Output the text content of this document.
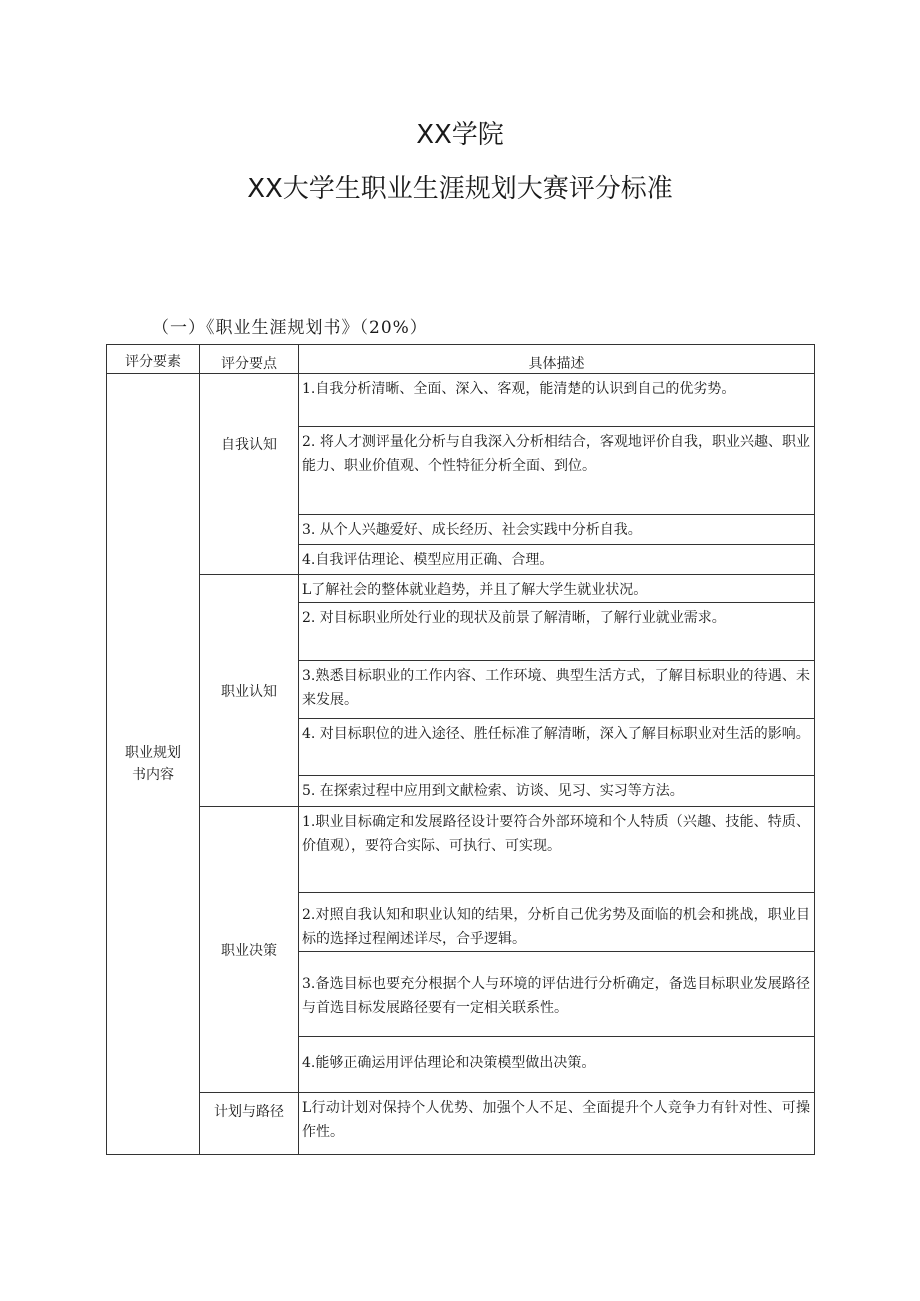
XX学院
XX大学生职业生涯规划大赛评分标准
（一）《职业生涯规划书》（20%）
评分要素	评分要点	具体描述
职业规划书内容	自我认知	1.自我分析清晰、全面、深入、客观，能清楚的认识到自己的优劣势。
		2. 将人才测评量化分析与自我深入分析相结合，客观地评价自我，职业兴趣、职业能力、职业价值观、个性特征分析全面、到位。
		3. 从个人兴趣爱好、成长经历、社会实践中分析自我。
		4.自我评估理论、模型应用正确、合理。
	职业认知	L了解社会的整体就业趋势，并且了解大学生就业状况。
		2. 对目标职业所处行业的现状及前景了解清晰，了解行业就业需求。
		3.熟悉目标职业的工作内容、工作环境、典型生活方式，了解目标职业的待遇、未来发展。
		4. 对目标职位的进入途径、胜任标准了解清晰，深入了解目标职业对生活的影响。
		5. 在探索过程中应用到文献检索、访谈、见习、实习等方法。
	职业决策	1.职业目标确定和发展路径设计要符合外部环境和个人特质（兴趣、技能、特质、价值观），要符合实际、可执行、可实现。
		2.对照自我认知和职业认知的结果，分析自己优劣势及面临的机会和挑战，职业目标的选择过程阐述详尽，合乎逻辑。
		3.备选目标也要充分根据个人与环境的评估进行分析确定，备选目标职业发展路径与首选目标发展路径要有一定相关联系性。
		4.能够正确运用评估理论和决策模型做出决策。
	计划与路径	L行动计划对保持个人优势、加强个人不足、全面提升个人竞争力有针对性、可操作性。
